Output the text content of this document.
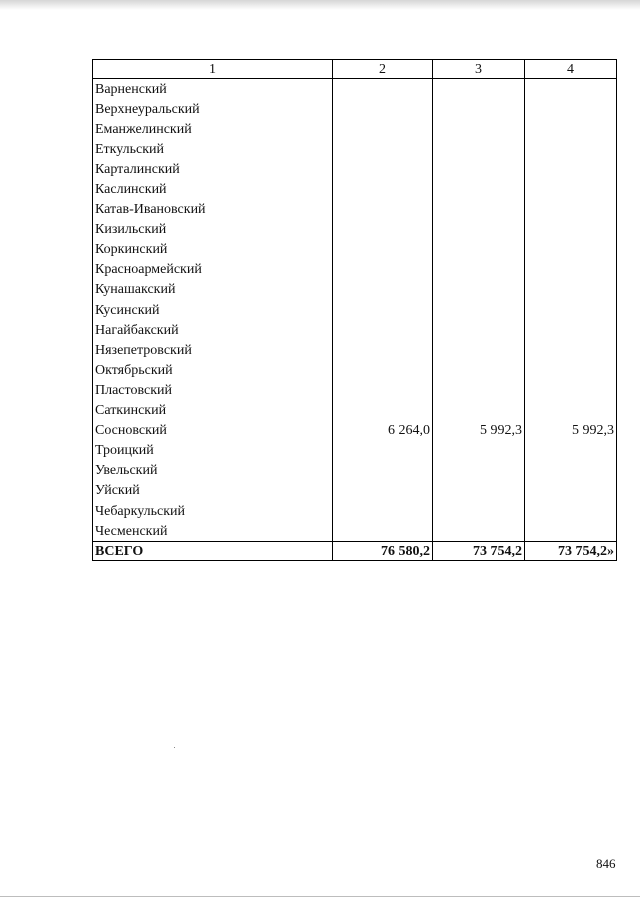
1	2	3	4
Варненский			
Верхнеуральский			
Еманжелинский			
Еткульский			
Карталинский			
Каслинский			
Катав-Ивановский			
Кизильский			
Коркинский			
Красноармейский			
Кунашакский			
Кусинский			
Нагайбакский			
Нязепетровский			
Октябрьский			
Пластовский			
Саткинский			
Сосновский	6 264,0	5 992,3	5 992,3
Троицкий			
Увельский			
Уйский			
Чебаркульский			
Чесменский			
ВСЕГО	76 580,2	73 754,2	73 754,2»
846
